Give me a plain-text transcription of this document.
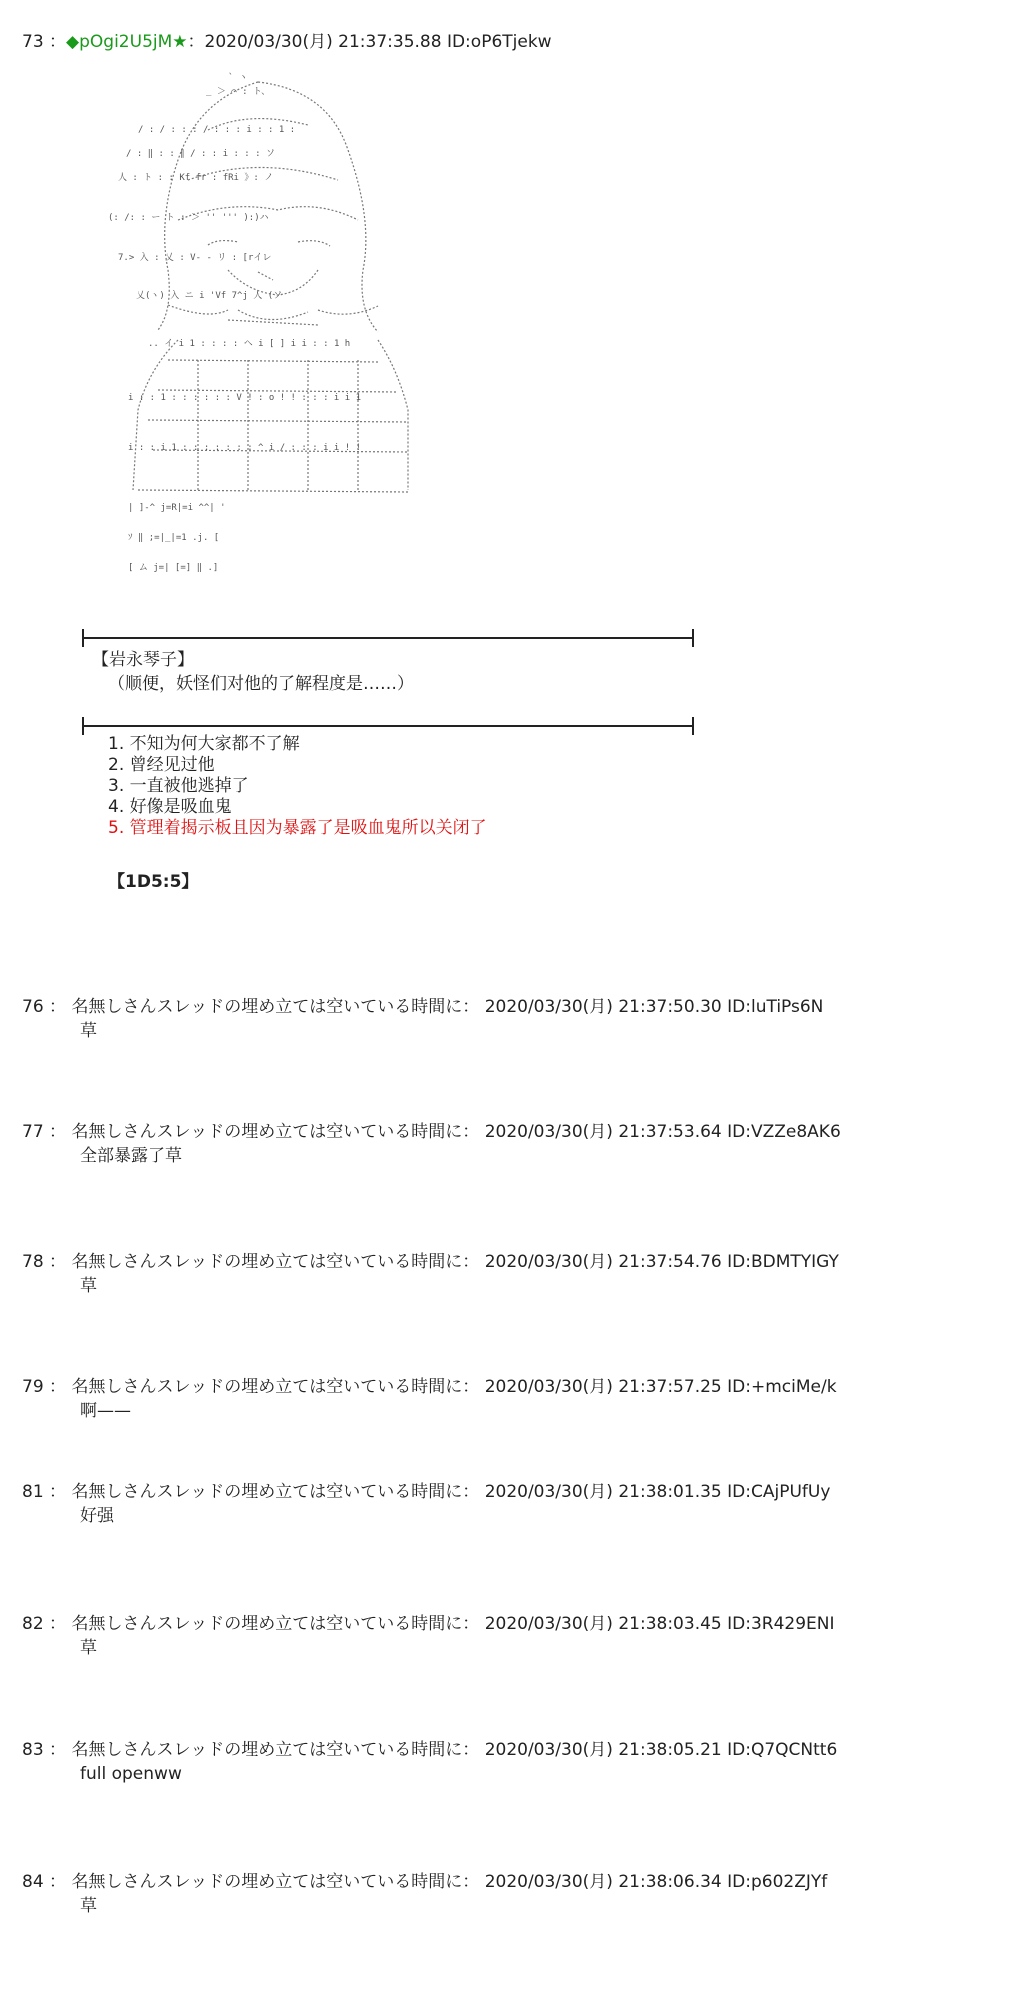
73 ：◆pOgi2U5jM★：2020/03/30(月) 21:37:35.88 ID:oP6Tjekw
` ヽ
_ ＞ ⌒ : ト、
/ : / : : : / : : : i : : 1 :
/ : ‖ : : ∥ / : : i : : : ソ
人 : ト : : Kf fr : fRi 》: ノ
(: /: : ー ト : ＞ '' ''' ):)ハ
7.> 入 : 乂 : V- - リ : [rイレ
乂(ヽ) 入 ニ i 'Vf 7^j 人 (ソ
.. イ i 1 : : : : ヘ i [ ] i i : : 1 h
i : : 1 : : : : : : V ! : o ! ! : : : i i 1
i : : i 1 : : : : : : : ^ i / : : : i i ! !
| ]-^ j=R|=i ^^| '
ｿ ‖ ;=|_|=1 .j. [
[ ム j=| [=] ‖ .]
【岩永琴子】
（顺便，妖怪们对他的了解程度是……）
1. 不知为何大家都不了解
2. 曾经见过他
3. 一直被他逃掉了
4. 好像是吸血鬼
5. 管理着揭示板且因为暴露了是吸血鬼所以关闭了
【1D5:5】
76 ： 名無しさんスレッドの埋め立ては空いている時間に： 2020/03/30(月) 21:37:50.30 ID:luTiPs6N
草
77 ： 名無しさんスレッドの埋め立ては空いている時間に： 2020/03/30(月) 21:37:53.64 ID:VZZe8AK6
全部暴露了草
78 ： 名無しさんスレッドの埋め立ては空いている時間に： 2020/03/30(月) 21:37:54.76 ID:BDMTYIGY
草
79 ： 名無しさんスレッドの埋め立ては空いている時間に： 2020/03/30(月) 21:37:57.25 ID:+mciMe/k
啊——
81 ： 名無しさんスレッドの埋め立ては空いている時間に： 2020/03/30(月) 21:38:01.35 ID:CAjPUfUy
好强
82 ： 名無しさんスレッドの埋め立ては空いている時間に： 2020/03/30(月) 21:38:03.45 ID:3R429ENI
草
83 ： 名無しさんスレッドの埋め立ては空いている時間に： 2020/03/30(月) 21:38:05.21 ID:Q7QCNtt6
full openww
84 ： 名無しさんスレッドの埋め立ては空いている時間に： 2020/03/30(月) 21:38:06.34 ID:p602ZJYf
草
